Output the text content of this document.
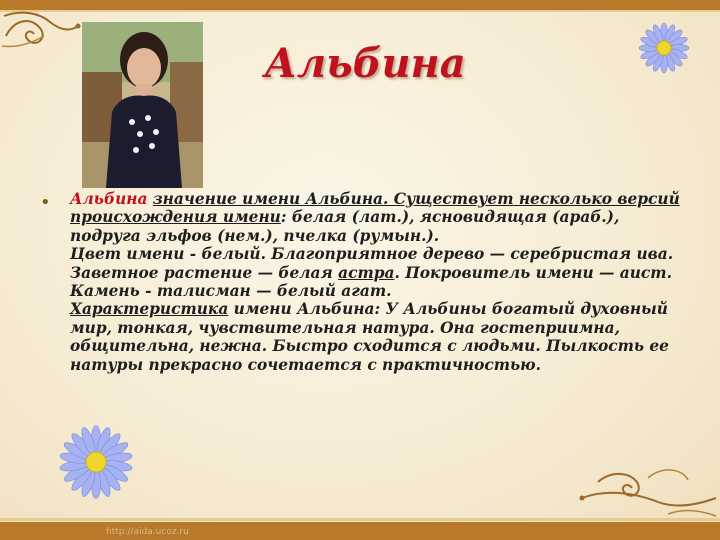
Альбина
• Альбина значение имени Альбина. Существует несколько версий происхождения имени: белая (лат.), ясновидящая (араб.), подруга эльфов (нем.), пчелка (румын.).
Цвет имени - белый. Благоприятное дерево — серебристая ива. Заветное растение — белая астра. Покровитель имени — аист. Камень - талисман — белый агат.
Характеристика имени Альбина: У Альбины богатый духовный мир, тонкая, чувствительная натура. Она гостеприимна, общительна, нежна. Быстро сходится с людьми. Пылкость ее натуры прекрасно сочетается с практичностью.

http://aida.ucoz.ru
